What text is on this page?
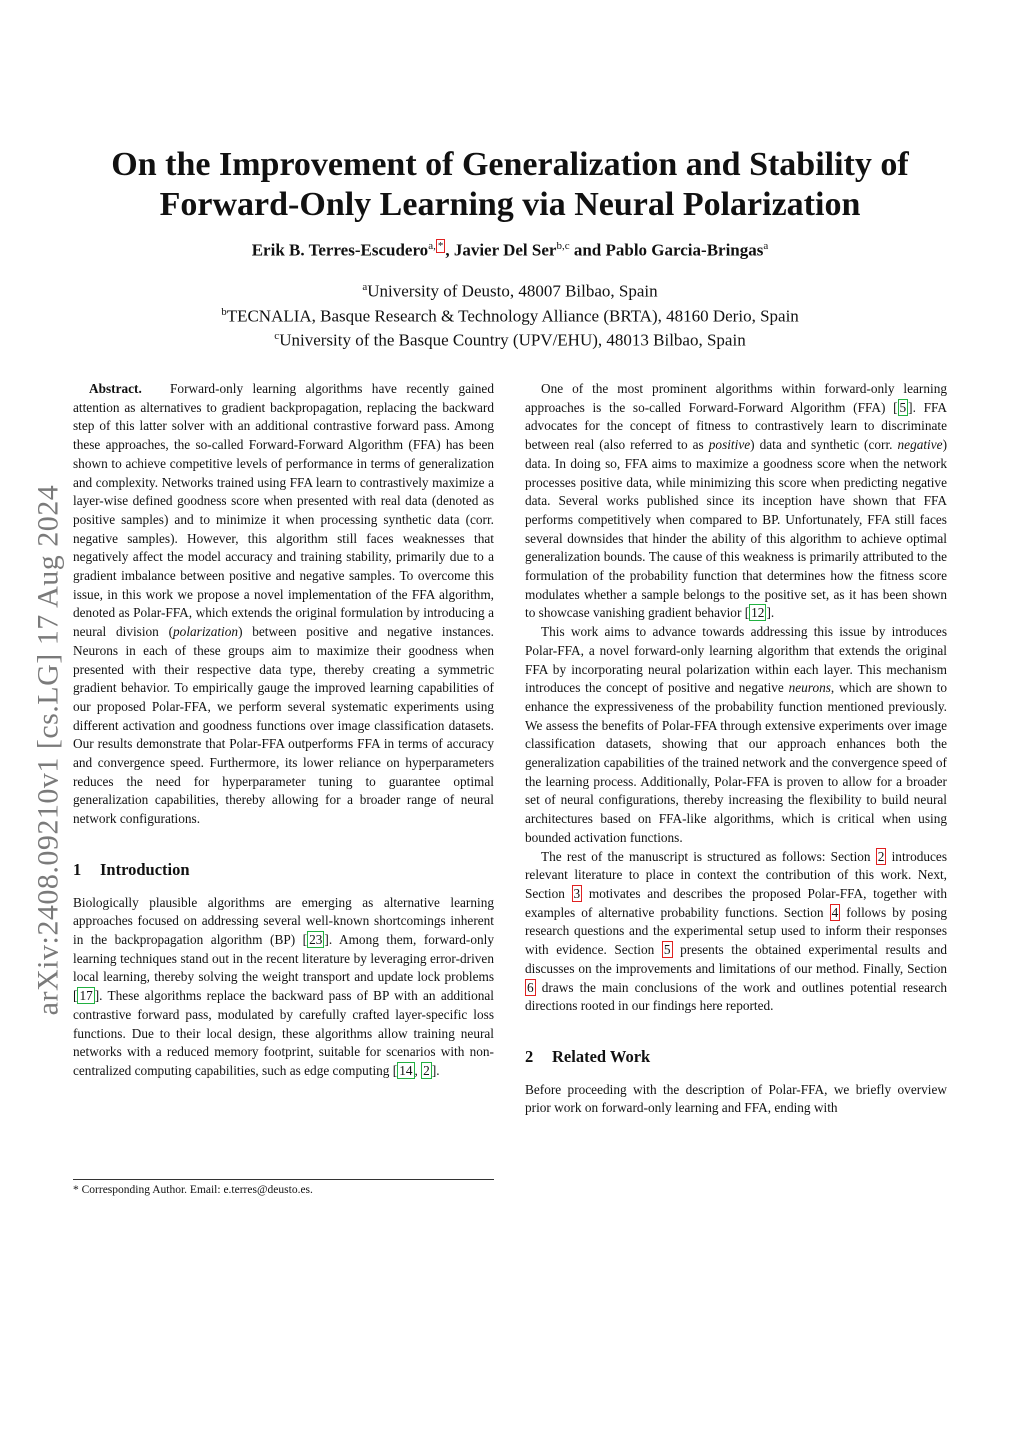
arXiv:2408.09210v1 [cs.LG] 17 Aug 2024
On the Improvement of Generalization and Stability of Forward-Only Learning via Neural Polarization
Erik B. Terres-Escudero$^{a, *}$ , Javier Del Ser$^{b,c}$ and Pablo Garcia-Bringas$^a$
$^a$University of Deusto, 48007 Bilbao, Spain
$^b$TECNALIA, Basque Research & Technology Alliance (BRTA), 48160 Derio, Spain
$^c$University of the Basque Country (UPV/EHU), 48013 Bilbao, Spain

Abstract. Forward-only learning algorithms have recently gained attention as alternatives to gradient backpropagation, replacing the backward step of this latter solver with an additional contrastive forward pass. Among these approaches, the so-called Forward-Forward Algorithm (FFA) has been shown to achieve competitive levels of performance in terms of generalization and complexity. Networks trained using FFA learn to contrastively maximize a layer-wise defined goodness score when presented with real data (denoted as positive samples) and to minimize it when processing synthetic data (corr. negative samples). However, this algorithm still faces weaknesses that negatively affect the model accuracy and training stability, primarily due to a gradient imbalance between positive and negative samples. To overcome this issue, in this work we propose a novel implementation of the FFA algorithm, denoted as Polar-FFA, which extends the original formulation by introducing a neural division (polarization) between positive and negative instances. Neurons in each of these groups aim to maximize their goodness when presented with their respective data type, thereby creating a symmetric gradient behavior. To empirically gauge the improved learning capabilities of our proposed Polar-FFA, we perform several systematic experiments using different activation and goodness functions over image classification datasets. Our results demonstrate that Polar-FFA outperforms FFA in terms of accuracy and convergence speed. Furthermore, its lower reliance on hyperparameters reduces the need for hyperparameter tuning to guarantee optimal generalization capabilities, thereby allowing for a broader range of neural network configurations.

1 Introduction

Biologically plausible algorithms are emerging as alternative learning approaches focused on addressing several well-known shortcomings inherent in the backpropagation algorithm (BP) [ 23 ]. Among them, forward-only learning techniques stand out in the recent literature by leveraging error-driven local learning, thereby solving the weight transport and update lock problems [ 17 ]. These algorithms replace the backward pass of BP with an additional contrastive forward pass, modulated by carefully crafted layer-specific loss functions. Due to their local design, these algorithms allow training neural networks with a reduced memory footprint, suitable for scenarios with non-centralized computing capabilities, such as edge computing [ 14 , 2 ].

* Corresponding Author. Email: e.terres@deusto.es.

One of the most prominent algorithms within forward-only learning approaches is the so-called Forward-Forward Algorithm (FFA) [ 5 ]. FFA advocates for the concept of fitness to contrastively learn to discriminate between real (also referred to as positive) data and synthetic (corr. negative) data. In doing so, FFA aims to maximize a goodness score when the network processes positive data, while minimizing this score when predicting negative data. Several works published since its inception have shown that FFA performs competitively when compared to BP. Unfortunately, FFA still faces several downsides that hinder the ability of this algorithm to achieve optimal generalization bounds. The cause of this weakness is primarily attributed to the formulation of the probability function that determines how the fitness score modulates whether a sample belongs to the positive set, as it has been shown to showcase vanishing gradient behavior [ 12 ].

This work aims to advance towards addressing this issue by introduces Polar-FFA, a novel forward-only learning algorithm that extends the original FFA by incorporating neural polarization within each layer. This mechanism introduces the concept of positive and negative neurons, which are shown to enhance the expressiveness of the probability function mentioned previously. We assess the benefits of Polar-FFA through extensive experiments over image classification datasets, showing that our approach enhances both the generalization capabilities of the trained network and the convergence speed of the learning process. Additionally, Polar-FFA is proven to allow for a broader set of neural configurations, thereby increasing the flexibility to build neural architectures based on FFA-like algorithms, which is critical when using bounded activation functions.

The rest of the manuscript is structured as follows: Section 2 introduces relevant literature to place in context the contribution of this work. Next, Section 3 motivates and describes the proposed Polar-FFA, together with examples of alternative probability functions. Section 4 follows by posing research questions and the experimental setup used to inform their responses with evidence. Section 5 presents the obtained experimental results and discusses on the improvements and limitations of our method. Finally, Section 6 draws the main conclusions of the work and outlines potential research directions rooted in our findings here reported.

2 Related Work

Before proceeding with the description of Polar-FFA, we briefly overview prior work on forward-only learning and FFA, ending with
